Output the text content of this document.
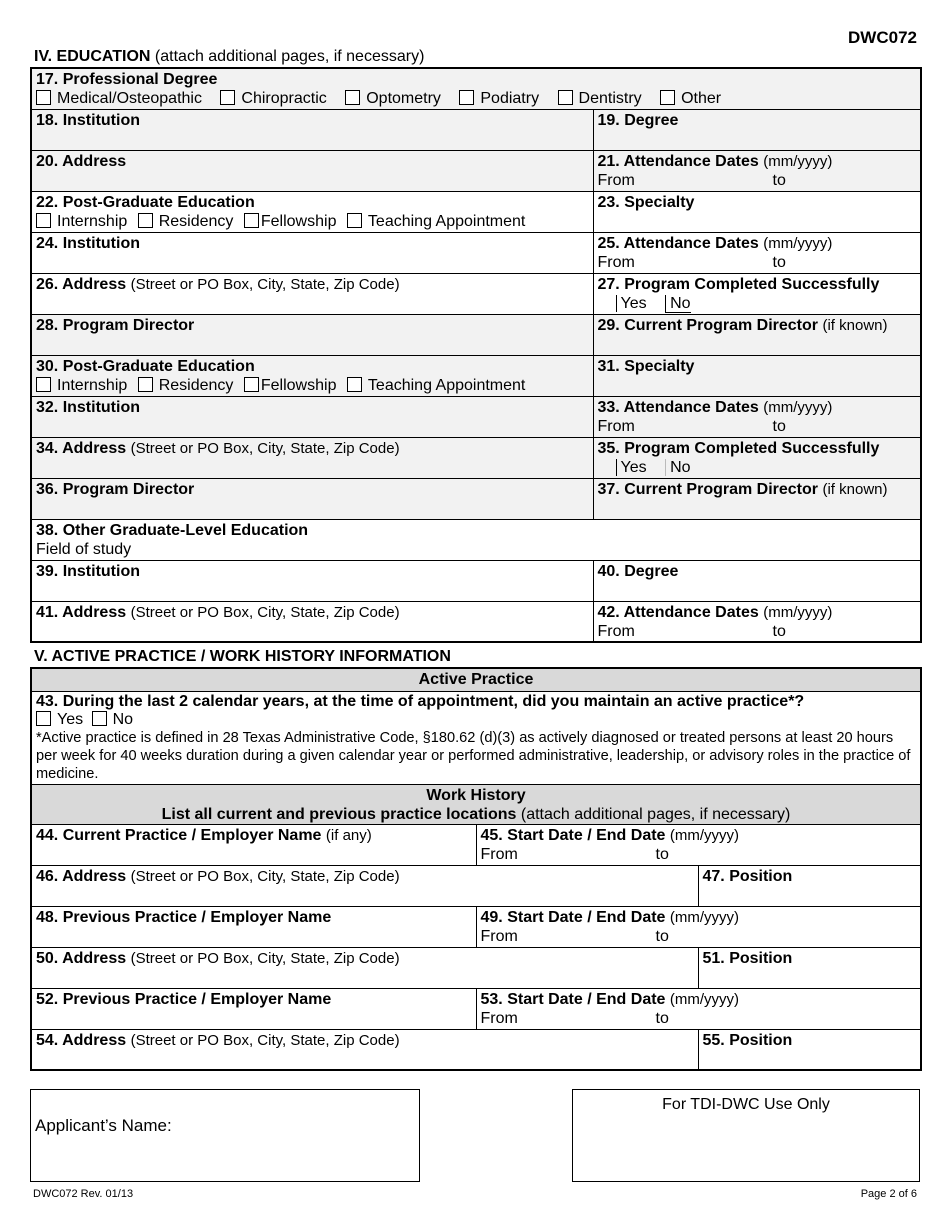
DWC072
IV. EDUCATION (attach additional pages, if necessary)
17. Professional Degree
Medical/Osteopathic Chiropractic Optometry Podiatry Dentistry Other	
18. Institution	19. Degree
20. Address	21. Attendance Dates (mm/yyyy)
From to

22. Post-Graduate Education
Internship Residency Fellowship Teaching Appointment	23. Specialty
24. Institution	25. Attendance Dates (mm/yyyy)
From to

26. Address (Street or PO Box, City, State, Zip Code)	27. Program Completed Successfully
Yes No
28. Program Director	29. Current Program Director (if known)
30. Post-Graduate Education
Internship Residency Fellowship Teaching Appointment	31. Specialty
32. Institution	33. Attendance Dates (mm/yyyy)
From to

34. Address (Street or PO Box, City, State, Zip Code)	35. Program Completed Successfully
Yes No
36. Program Director	37. Current Program Director (if known)
38. Other Graduate-Level Education
Field of study	
39. Institution	40. Degree
41. Address (Street or PO Box, City, State, Zip Code)	42. Attendance Dates (mm/yyyy)
From to
V. ACTIVE PRACTICE / WORK HISTORY INFORMATION
Active Practice		
43. During the last 2 calendar years, at the time of appointment, did you maintain an active practice*?
Yes No

*Active practice is defined in 28 Texas Administrative Code, §180.62 (d)(3) as actively diagnosed or treated persons at least 20 hours per week for 40 weeks duration during a given calendar year or performed administrative, leadership, or advisory roles in the practice of medicine.		

Work History
List all current and previous practice locations (attach additional pages, if necessary)		
44. Current Practice / Employer Name (if any)	45. Start Date / End Date (mm/yyyy)
From to	

46. Address (Street or PO Box, City, State, Zip Code)		47. Position
48. Previous Practice / Employer Name	49. Start Date / End Date (mm/yyyy)
From to	

50. Address (Street or PO Box, City, State, Zip Code)		51. Position
52. Previous Practice / Employer Name	53. Start Date / End Date (mm/yyyy)
From to	

54. Address (Street or PO Box, City, State, Zip Code)		55. Position
Applicant’s Name:
For TDI-DWC Use Only
DWC072 Rev. 01/13	Page 2 of 6
